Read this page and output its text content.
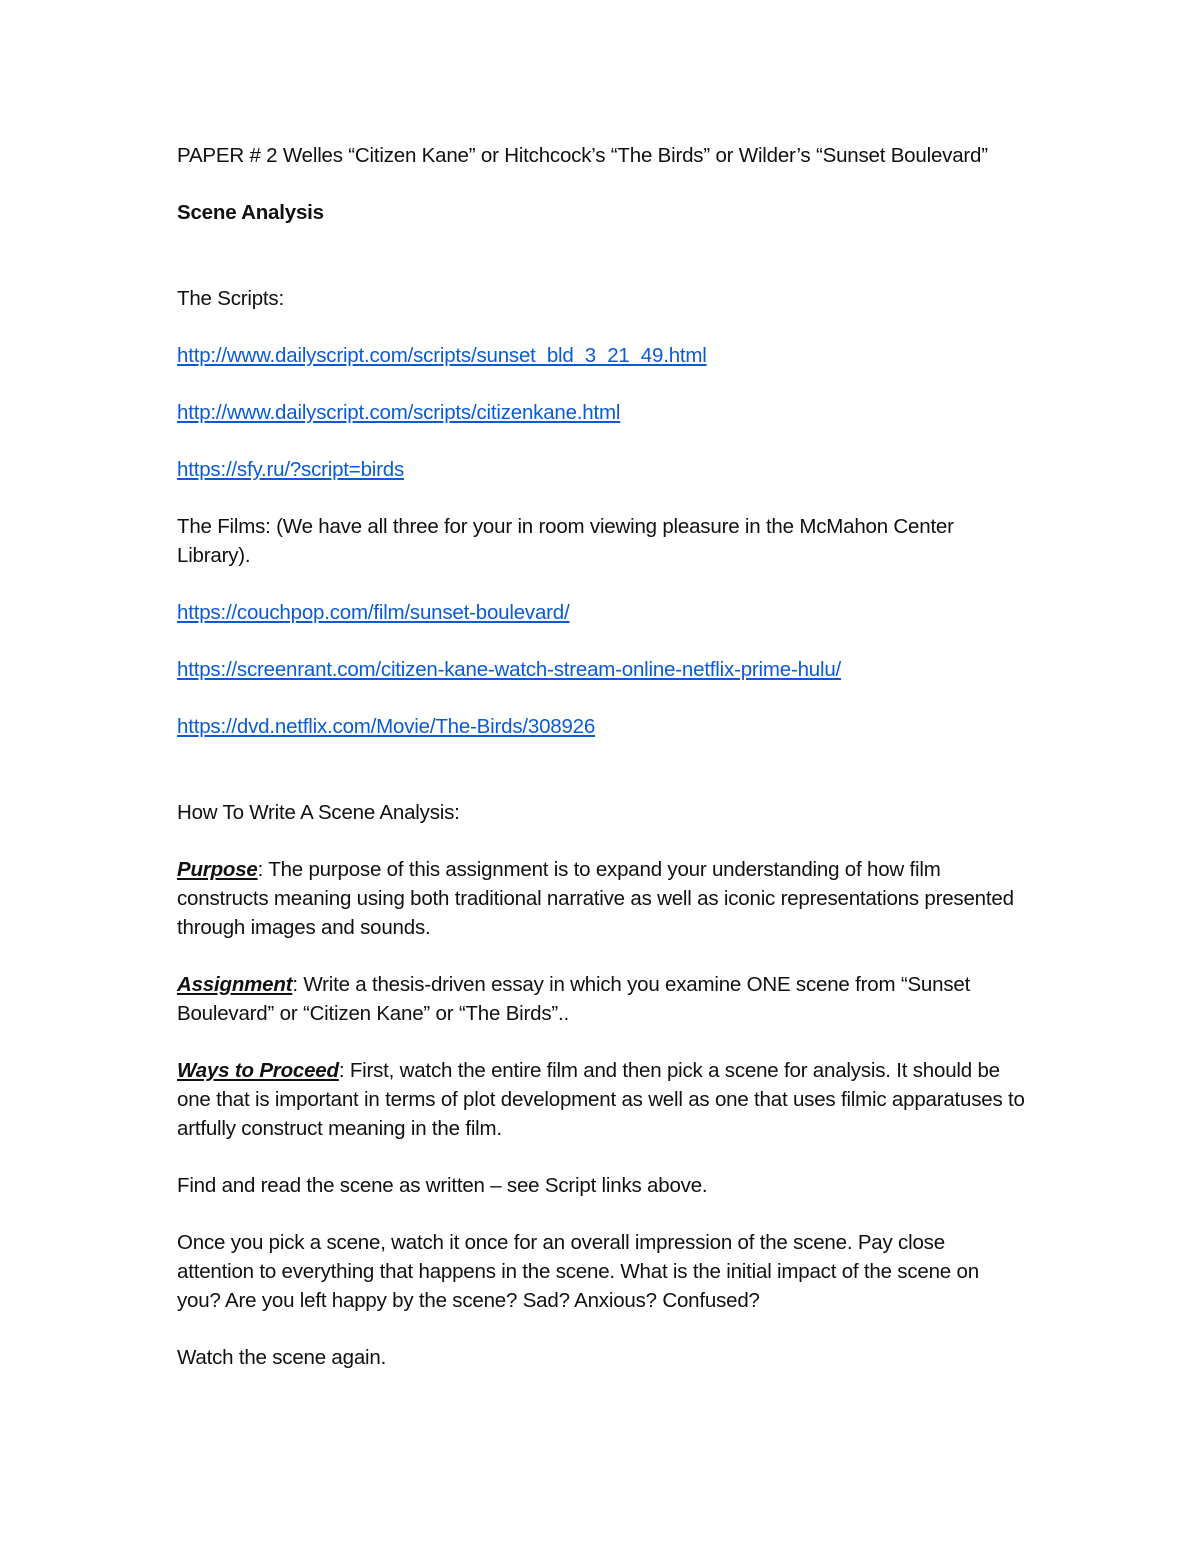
PAPER # 2 Welles “Citizen Kane” or Hitchcock’s “The Birds” or Wilder’s “Sunset Boulevard”

Scene Analysis

The Scripts:

http://www.dailyscript.com/scripts/sunset_bld_3_21_49.html
http://www.dailyscript.com/scripts/citizenkane.html
https://sfy.ru/?script=birds

The Films: (We have all three for your in room viewing pleasure in the McMahon Center Library).

https://couchpop.com/film/sunset-boulevard/
https://screenrant.com/citizen-kane-watch-stream-online-netflix-prime-hulu/
https://dvd.netflix.com/Movie/The-Birds/308926

How To Write A Scene Analysis:

Purpose: The purpose of this assignment is to expand your understanding of how film constructs meaning using both traditional narrative as well as iconic representations presented through images and sounds.

Assignment: Write a thesis-driven essay in which you examine ONE scene from “Sunset Boulevard” or “Citizen Kane” or “The Birds”..

Ways to Proceed: First, watch the entire film and then pick a scene for analysis. It should be one that is important in terms of plot development as well as one that uses filmic apparatuses to artfully construct meaning in the film.

Find and read the scene as written – see Script links above.

Once you pick a scene, watch it once for an overall impression of the scene. Pay close attention to everything that happens in the scene. What is the initial impact of the scene on you? Are you left happy by the scene? Sad? Anxious? Confused?

Watch the scene again.
